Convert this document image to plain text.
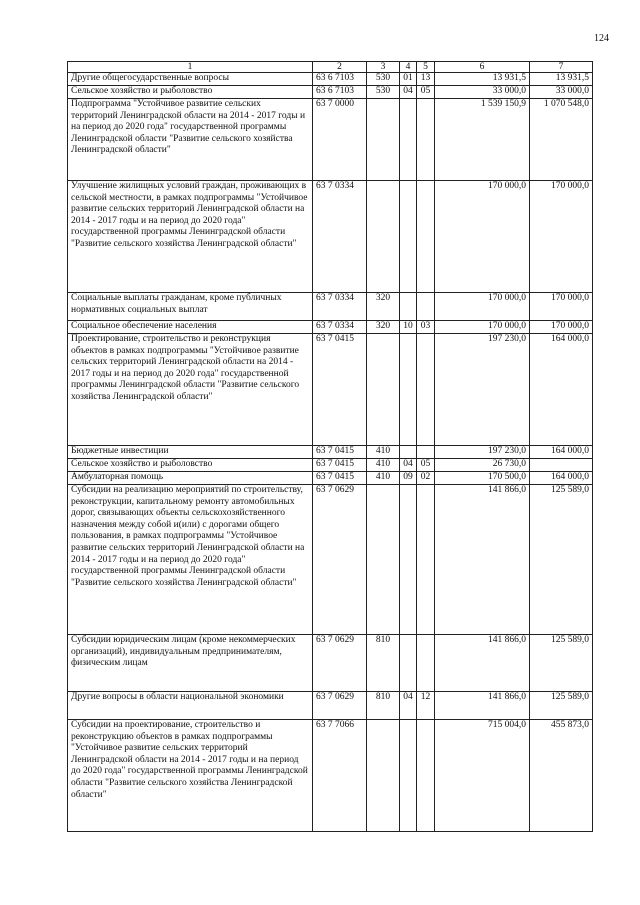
124
1	2	3	4	5	6	7
Другие общегосударственные вопросы	63 6 7103	530	01	13	13 931,5	13 931,5
Сельское хозяйство и рыболовство	63 6 7103	530	04	05	33 000,0	33 000,0
Подпрограмма "Устойчивое развитие сельских территорий Ленинградской области на 2014 - 2017 годы и на период до 2020 года" государственной программы Ленинградской области "Развитие сельского хозяйства Ленинградской области"	63 7 0000				1 539 150,9	1 070 548,0
Улучшение жилищных условий граждан, проживающих в сельской местности, в рамках подпрограммы "Устойчивое развитие сельских территорий Ленинградской области на 2014 - 2017 годы и на период до 2020 года" государственной программы Ленинградской области "Развитие сельского хозяйства Ленинградской области"	63 7 0334				170 000,0	170 000,0
Социальные выплаты гражданам, кроме публичных нормативных социальных выплат	63 7 0334	320			170 000,0	170 000,0
Социальное обеспечение населения	63 7 0334	320	10	03	170 000,0	170 000,0
Проектирование, строительство и реконструкция объектов в рамках подпрограммы "Устойчивое развитие сельских территорий Ленинградской области на 2014 - 2017 годы и на период до 2020 года" государственной программы Ленинградской области "Развитие сельского хозяйства Ленинградской области"	63 7 0415				197 230,0	164 000,0
Бюджетные инвестиции	63 7 0415	410			197 230,0	164 000,0
Сельское хозяйство и рыболовство	63 7 0415	410	04	05	26 730,0	
Амбулаторная помощь	63 7 0415	410	09	02	170 500,0	164 000,0
Субсидии на реализацию мероприятий по строительству, реконструкции, капитальному ремонту автомобильных дорог, связывающих объекты сельскохозяйственного назначения между собой и(или) с дорогами общего пользования, в рамках подпрограммы "Устойчивое развитие сельских территорий Ленинградской области на 2014 - 2017 годы и на период до 2020 года" государственной программы Ленинградской области "Развитие сельского хозяйства Ленинградской области"	63 7 0629				141 866,0	125 589,0
Субсидии юридическим лицам (кроме некоммерческих организаций), индивидуальным предпринимателям, физическим лицам	63 7 0629	810			141 866,0	125 589,0
Другие вопросы в области национальной экономики	63 7 0629	810	04	12	141 866,0	125 589,0
Субсидии на проектирование, строительство и реконструкцию объектов в рамках подпрограммы "Устойчивое развитие сельских территорий Ленинградской области на 2014 - 2017 годы и на период до 2020 года" государственной программы Ленинградской области "Развитие сельского хозяйства Ленинградской области"	63 7 7066				715 004,0	455 873,0
